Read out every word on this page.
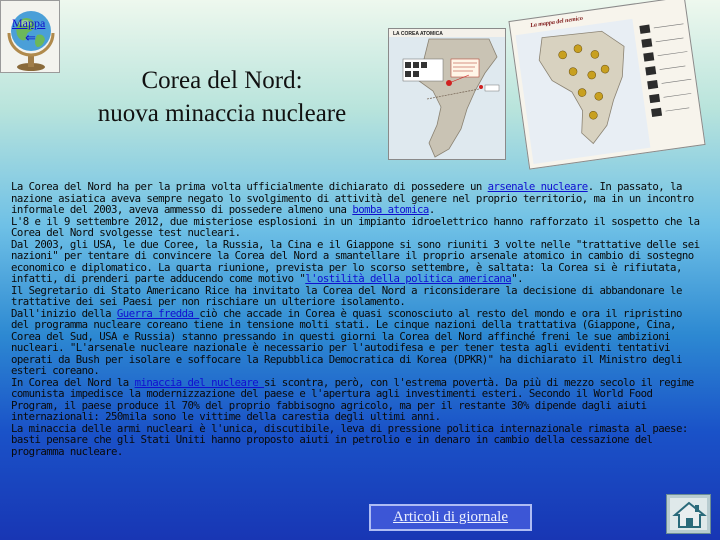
Mappa
⇐
Corea del Nord:
nuova minaccia nucleare
LA COREA ATOMICA
La mappa del nemico

La Corea del Nord ha per la prima volta ufficialmente dichiarato di possedere un arsenale nucleare. In passato, la nazione asiatica aveva sempre negato lo svolgimento di attività del genere nel proprio territorio, ma in un incontro informale del 2003, aveva ammesso di possedere almeno una bomba atomica.

L'8 e il 9 settembre 2012, due misteriose esplosioni in un impianto idroelettrico hanno rafforzato il sospetto che la Corea del Nord svolgesse test nucleari.

Dal 2003, gli USA, le due Coree, la Russia, la Cina e il Giappone si sono riuniti 3 volte nelle "trattative delle sei nazioni" per tentare di convincere la Corea del Nord a smantellare il proprio arsenale atomico in cambio di sostegno economico e diplomatico. La quarta riunione, prevista per lo scorso settembre, è saltata: la Corea si è rifiutata, infatti, di prenderi parte adducendo come motivo "l'ostilità della politica americana".

Il Segretario di Stato Americano Rice ha invitato la Corea del Nord a riconsiderare la decisione di abbandonare le trattative dei sei Paesi per non rischiare un ulteriore isolamento.

Dall'inizio della Guerra fredda ciò che accade in Corea è quasi sconosciuto al resto del mondo e ora il ripristino del programma nucleare coreano tiene in tensione molti stati. Le cinque nazioni della trattativa (Giappone, Cina, Corea del Sud, USA e Russia) stanno pressando in questi giorni la Corea del Nord affinché freni le sue ambizioni nucleari. "L'arsenale nucleare nazionale è necessario per l'autodifesa e per tener testa agli evidenti tentativi operati da Bush per isolare e soffocare la Repubblica Democratica di Korea (DPKR)" ha dichiarato il Ministro degli esteri coreano.

In Corea del Nord la minaccia del nucleare si scontra, però, con l'estrema povertà. Da più di mezzo secolo il regime comunista impedisce la modernizzazione del paese e l'apertura agli investimenti esteri. Secondo il World Food Program, il paese produce il 70% del proprio fabbisogno agricolo, ma per il restante 30% dipende dagli aiuti internazionali: 250mila sono le vittime della carestia degli ultimi anni.

La minaccia delle armi nucleari è l'unica, discutibile, leva di pressione politica internazionale rimasta al paese: basti pensare che gli Stati Uniti hanno proposto aiuti in petrolio e in denaro in cambio della cessazione del programma nucleare.

Articoli di giornale
